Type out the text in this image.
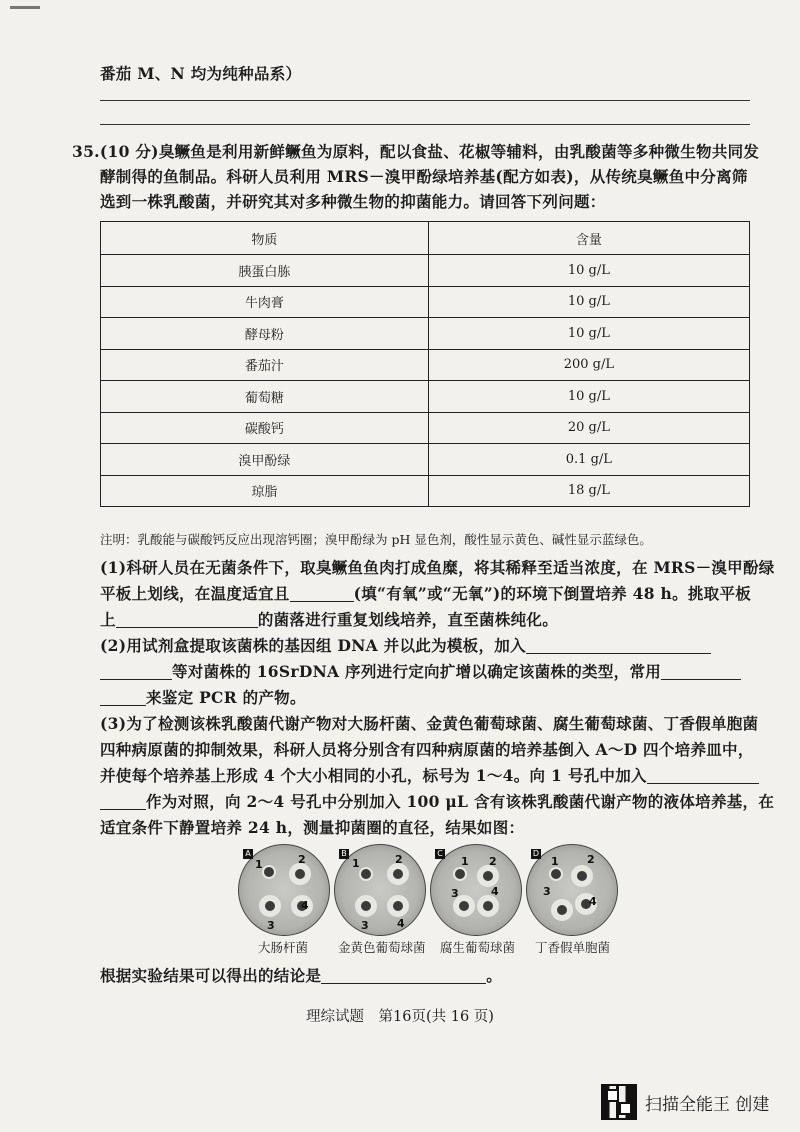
番茄 M、N 均为纯种品系）
35.(10 分)臭鳜鱼是利用新鲜鳜鱼为原料，配以食盐、花椒等辅料，由乳酸菌等多种微生物共同发
酵制得的鱼制品。科研人员利用 MRS－溴甲酚绿培养基(配方如表)，从传统臭鳜鱼中分离筛
选到一株乳酸菌，并研究其对多种微生物的抑菌能力。请回答下列问题：
物质	含量
胰蛋白胨	10 g/L
牛肉膏	10 g/L
酵母粉	10 g/L
番茄汁	200 g/L
葡萄糖	10 g/L
碳酸钙	20 g/L
溴甲酚绿	0.1 g/L
琼脂	18 g/L
注明：乳酸能与碳酸钙反应出现溶钙圈；溴甲酚绿为 pH 显色剂，酸性显示黄色、碱性显示蓝绿色。
(1)科研人员在无菌条件下，取臭鳜鱼鱼肉打成鱼糜，将其稀释至适当浓度，在 MRS－溴甲酚绿
平板上划线，在温度适宜且	(填“有氧”或“无氧”)的环境下倒置培养 48 h。挑取平板
上	的菌落进行重复划线培养，直至菌株纯化。
(2)用试剂盒提取该菌株的基因组 DNA 并以此为模板，加入
等对菌株的 16SrDNA 序列进行定向扩增以确定该菌株的类型，常用
来鉴定 PCR 的产物。
(3)为了检测该株乳酸菌代谢产物对大肠杆菌、金黄色葡萄球菌、腐生葡萄球菌、丁香假单胞菌
四种病原菌的抑制效果，科研人员将分别含有四种病原菌的培养基倒入 A～D 四个培养皿中，
并使每个培养基上形成 4 个大小相同的小孔，标号为 1～4。向 1 号孔中加入
作为对照，向 2～4 号孔中分别加入 100 μL 含有该株乳酸菌代谢产物的液体培养基，在
适宜条件下静置培养 24 h，测量抑菌圈的直径，结果如图：
A
1	2
3
4
B
1	2
3	4
C
1 2
3	4
D
1	2
3
4
大肠杆菌 金黄色葡萄球菌 腐生葡萄球菌 丁香假单胞菌
根据实验结果可以得出的结论是	。
理综试题　第16页(共 16 页)
扫描全能王 创建
